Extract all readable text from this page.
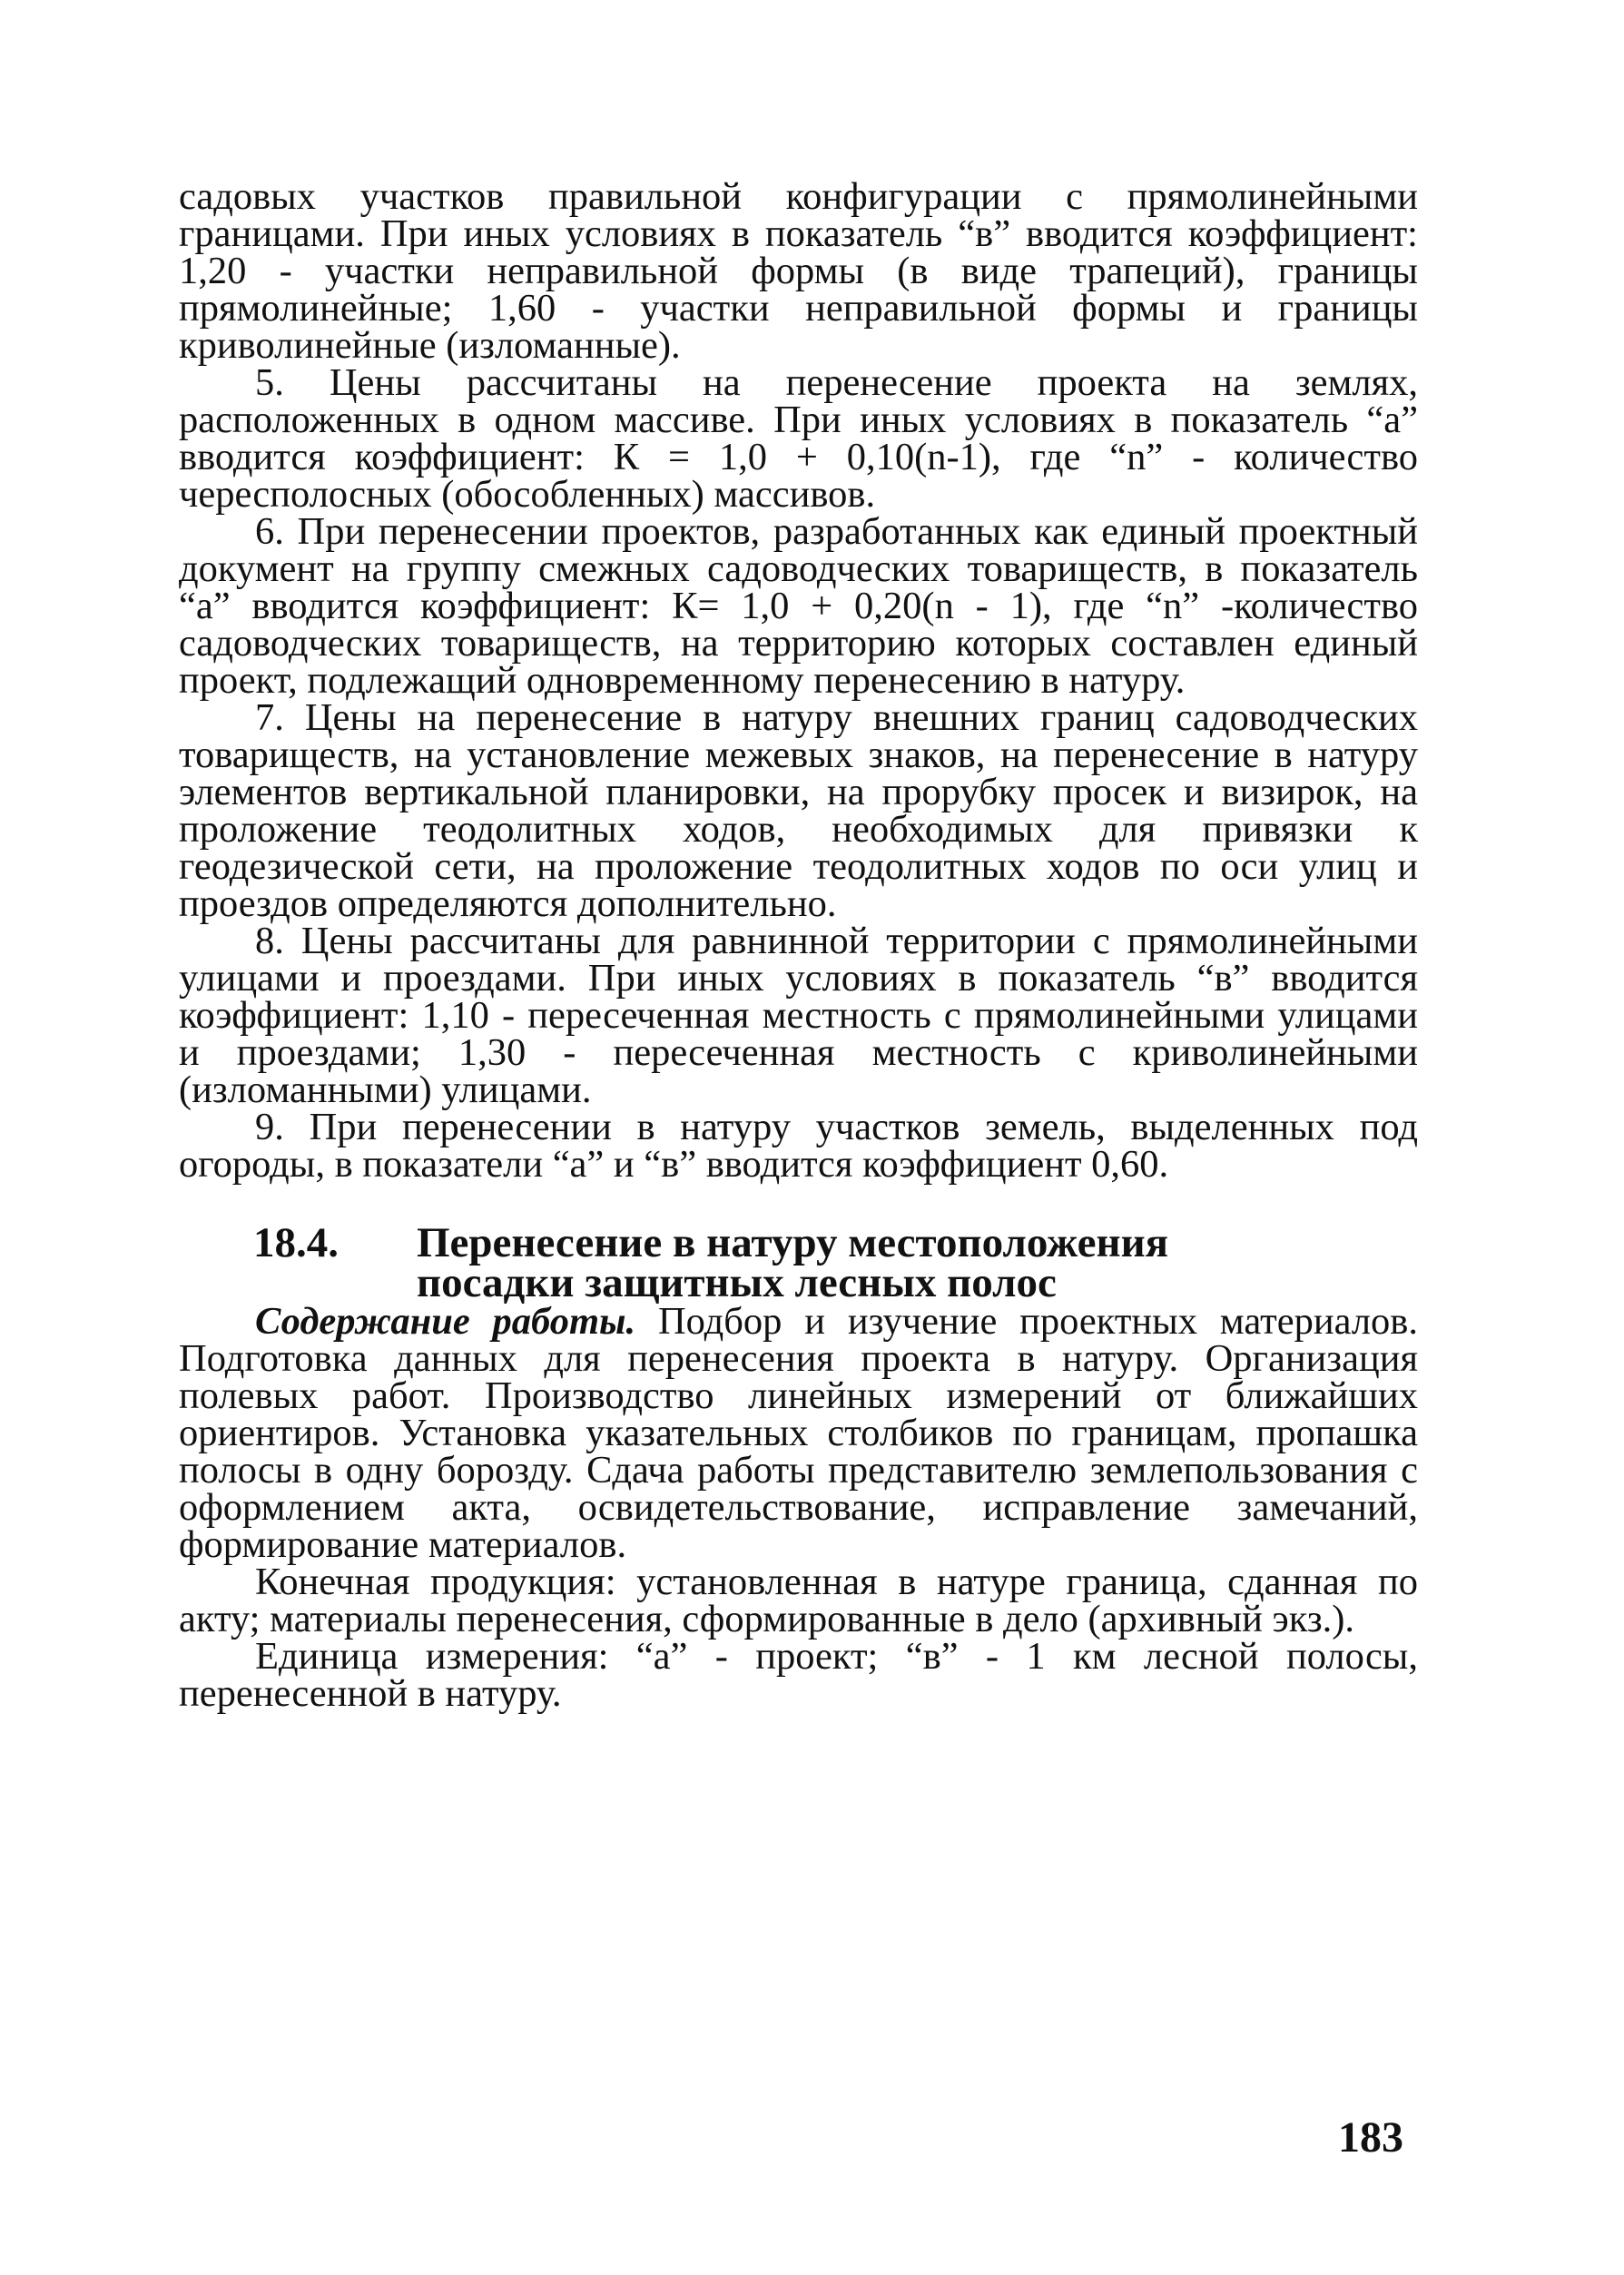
садовых участков правильной конфигурации с прямолинейными границами. При иных условиях в показатель “в” вводится коэффициент: 1,20 - участки неправильной формы (в виде трапеций), границы прямолинейные; 1,60 - участки неправильной формы и границы криволинейные (изломанные).

5. Цены рассчитаны на перенесение проекта на землях, расположенных в одном массиве. При иных условиях в показатель “а” вводится коэффициент: К = 1,0 + 0,10(n-1), где “n” - количество чересполосных (обособленных) массивов.

6. При перенесении проектов, разработанных как единый проектный документ на группу смежных садоводческих товариществ, в показатель “а” вводится коэффициент: К= 1,0 + 0,20(n - 1), где “n” -количество садоводческих товариществ, на территорию которых составлен единый проект, подлежащий одновременному перенесению в натуру.

7. Цены на перенесение в натуру внешних границ садоводческих товариществ, на установление межевых знаков, на перенесение в натуру элементов вертикальной планировки, на прорубку просек и визирок, на проложение теодолитных ходов, необходимых для привязки к геодезической сети, на проложение теодолитных ходов по оси улиц и проездов определяются дополнительно.

8. Цены рассчитаны для равнинной территории с прямолинейными улицами и проездами. При иных условиях в показатель “в” вводится коэффициент: 1,10 - пересеченная местность с прямолинейными улицами и проездами; 1,30 - пересеченная местность с криволинейными (изломанными) улицами.

9. При перенесении в натуру участков земель, выделенных под огороды, в показатели “а” и “в” вводится коэффициент 0,60.

18.4.	Перенесение в натуру местоположения
посадки защитных лесных полос

Содержание работы. Подбор и изучение проектных материалов. Подготовка данных для перенесения проекта в натуру. Организация полевых работ. Производство линейных измерений от ближайших ориентиров. Установка указательных столбиков по границам, пропашка полосы в одну борозду. Сдача работы представителю землепользования с оформлением акта, освидетельствование, исправление замечаний, формирование материалов.

Конечная продукция: установленная в натуре граница, сданная по акту; материалы перенесения, сформированные в дело (архивный экз.).

Единица измерения: “а” - проект; “в” - 1 км лесной полосы, перенесенной в натуру.

183
